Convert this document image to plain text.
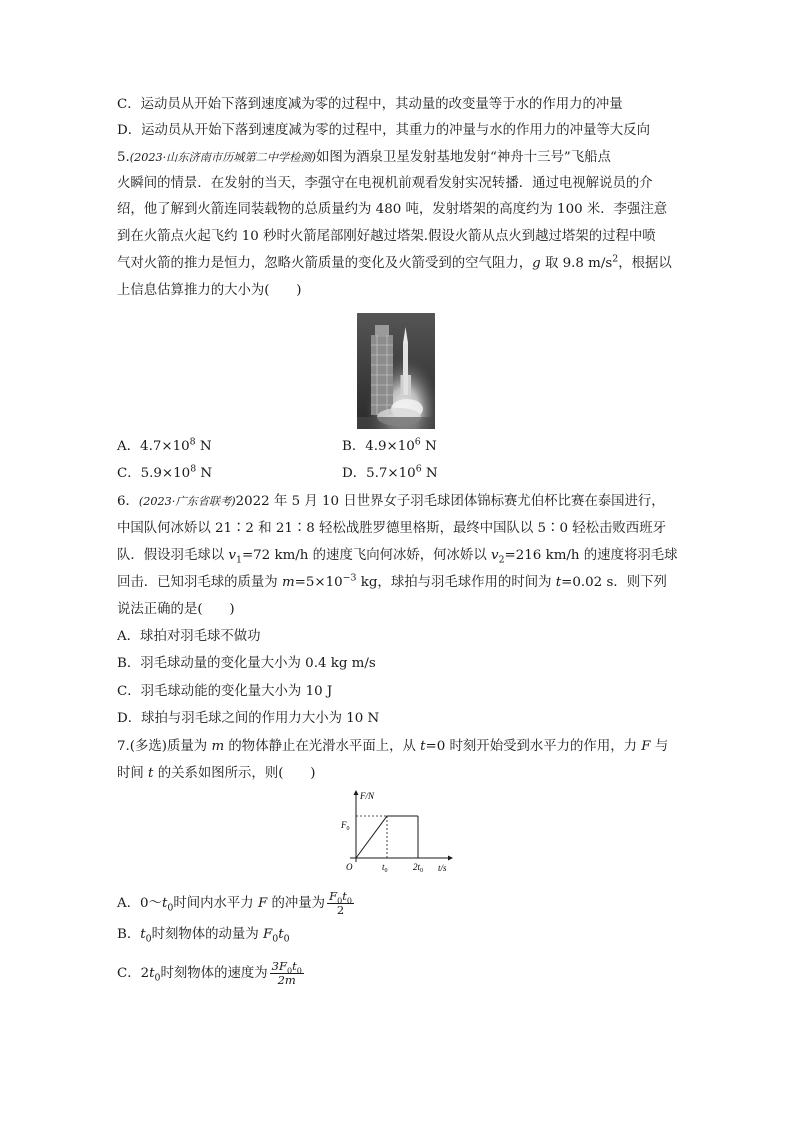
C．运动员从开始下落到速度减为零的过程中，其动量的改变量等于水的作用力的冲量
D．运动员从开始下落到速度减为零的过程中，其重力的冲量与水的作用力的冲量等大反向
5.(2023·山东济南市历城第二中学检测)如图为酒泉卫星发射基地发射“神舟十三号”飞船点
火瞬间的情景．在发射的当天，李强守在电视机前观看发射实况转播．通过电视解说员的介
绍，他了解到火箭连同装载物的总质量约为 480 吨，发射塔架的高度约为 100 米．李强注意
到在火箭点火起飞约 10 秒时火箭尾部刚好越过塔架.假设火箭从点火到越过塔架的过程中喷
气对火箭的推力是恒力，忽略火箭质量的变化及火箭受到的空气阻力，g 取 9.8 $m/s^2$，根据以
上信息估算推力的大小为(　　)
A．$4.7\times 10^8$ N	B．$4.9\times 10^6$ N
C．$5.9\times 10^8$ N	D．$5.7\times 10^6$ N
6．(2023·广东省联考)2022 年 5 月 10 日世界女子羽毛球团体锦标赛尤伯杯比赛在泰国进行，
中国队何冰娇以 21∶2 和 21∶8 轻松战胜罗德里格斯，最终中国队以 5∶0 轻松击败西班牙
队．假设羽毛球以 $v_1=72$ km/h 的速度飞向何冰娇，何冰娇以 $v_2=216$ km/h 的速度将羽毛球
回击．已知羽毛球的质量为 $m=5\times 10^{-3}$ kg，球拍与羽毛球作用的时间为 t=0.02 s．则下列
说法正确的是(　　)
A．球拍对羽毛球不做功
B．羽毛球动量的变化量大小为 0.4 kg m/s
C．羽毛球动能的变化量大小为 10 J
D．球拍与羽毛球之间的作用力大小为 10 N
7.(多选)质量为 m 的物体静止在光滑水平面上，从 t=0 时刻开始受到水平力的作用，力 F 与
时间 t 的关系如图所示，则(　　)
F/N
t/s
O
$F_0$
$t_0$	$2t_0$
A．$0\sim t_0$时间内水平力 F 的冲量为 $\frac{F_0t_0}{2}$
B．$t_0$时刻物体的动量为 $F_0t_0$
C．$2t_0$时刻物体的速度为 $\frac{3F_0t_0}{2m}$
